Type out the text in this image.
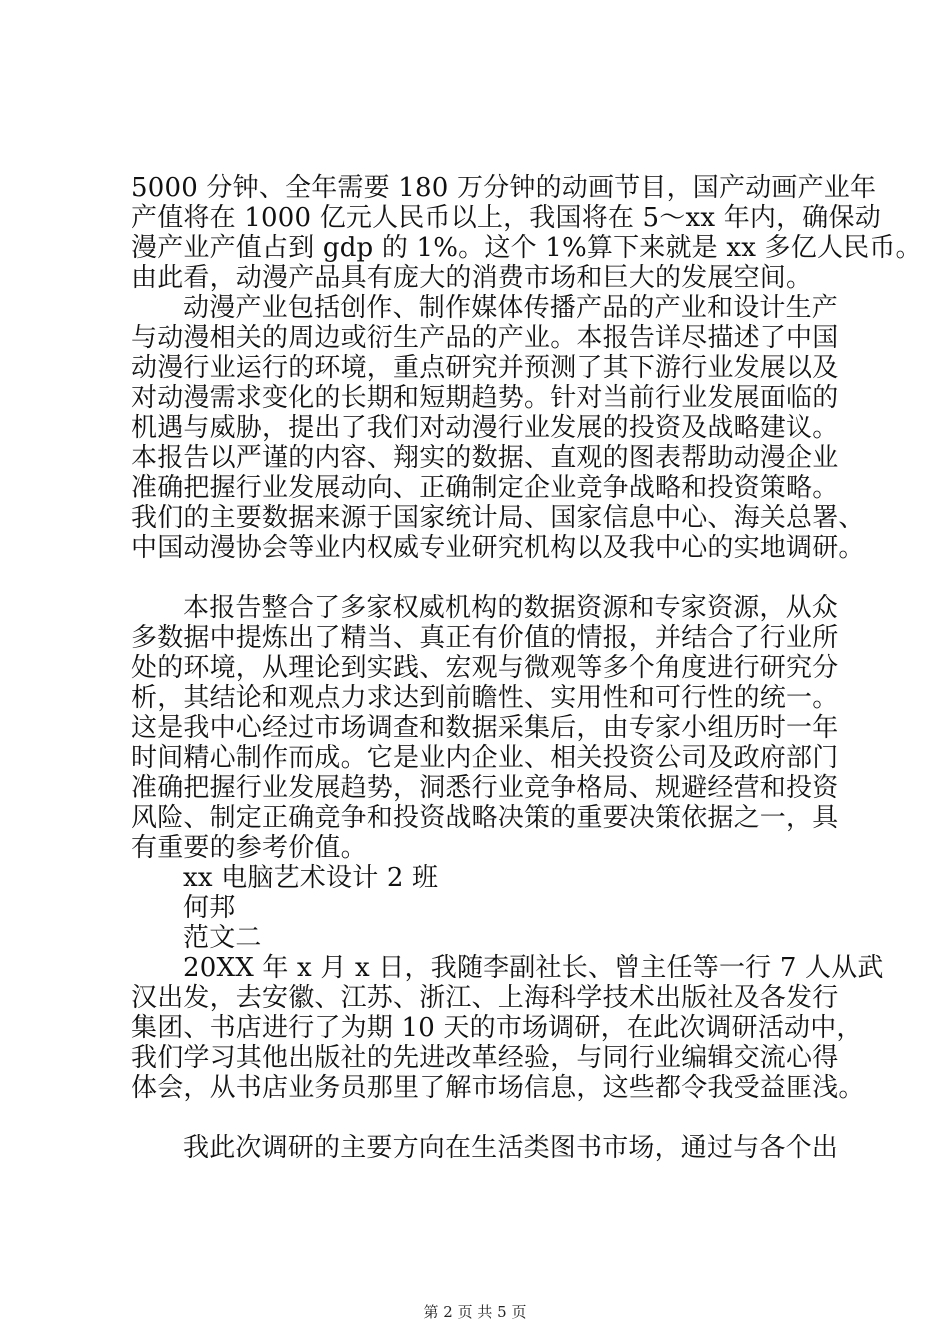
5000 分钟、全年需要 180 万分钟的动画节目，国产动画产业年
产值将在 1000 亿元人民币以上，我国将在 5～xx 年内，确保动
漫产业产值占到 gdp 的 1%。这个 1%算下来就是 xx 多亿人民币。
由此看，动漫产品具有庞大的消费市场和巨大的发展空间。
动漫产业包括创作、制作媒体传播产品的产业和设计生产
与动漫相关的周边或衍生产品的产业。本报告详尽描述了中国
动漫行业运行的环境，重点研究并预测了其下游行业发展以及
对动漫需求变化的长期和短期趋势。针对当前行业发展面临的
机遇与威胁，提出了我们对动漫行业发展的投资及战略建议。
本报告以严谨的内容、翔实的数据、直观的图表帮助动漫企业
准确把握行业发展动向、正确制定企业竞争战略和投资策略。
我们的主要数据来源于国家统计局、国家信息中心、海关总署、
中国动漫协会等业内权威专业研究机构以及我中心的实地调研。
本报告整合了多家权威机构的数据资源和专家资源，从众
多数据中提炼出了精当、真正有价值的情报，并结合了行业所
处的环境，从理论到实践、宏观与微观等多个角度进行研究分
析，其结论和观点力求达到前瞻性、实用性和可行性的统一。
这是我中心经过市场调查和数据采集后，由专家小组历时一年
时间精心制作而成。它是业内企业、相关投资公司及政府部门
准确把握行业发展趋势，洞悉行业竞争格局、规避经营和投资
风险、制定正确竞争和投资战略决策的重要决策依据之一，具
有重要的参考价值。
xx 电脑艺术设计 2 班
何邦
范文二
20XX 年 x 月 x 日，我随李副社长、曾主任等一行 7 人从武
汉出发，去安徽、江苏、浙江、上海科学技术出版社及各发行
集团、书店进行了为期 10 天的市场调研，在此次调研活动中，
我们学习其他出版社的先进改革经验，与同行业编辑交流心得
体会，从书店业务员那里了解市场信息，这些都令我受益匪浅。
我此次调研的主要方向在生活类图书市场，通过与各个出
第 2 页 共 5 页
